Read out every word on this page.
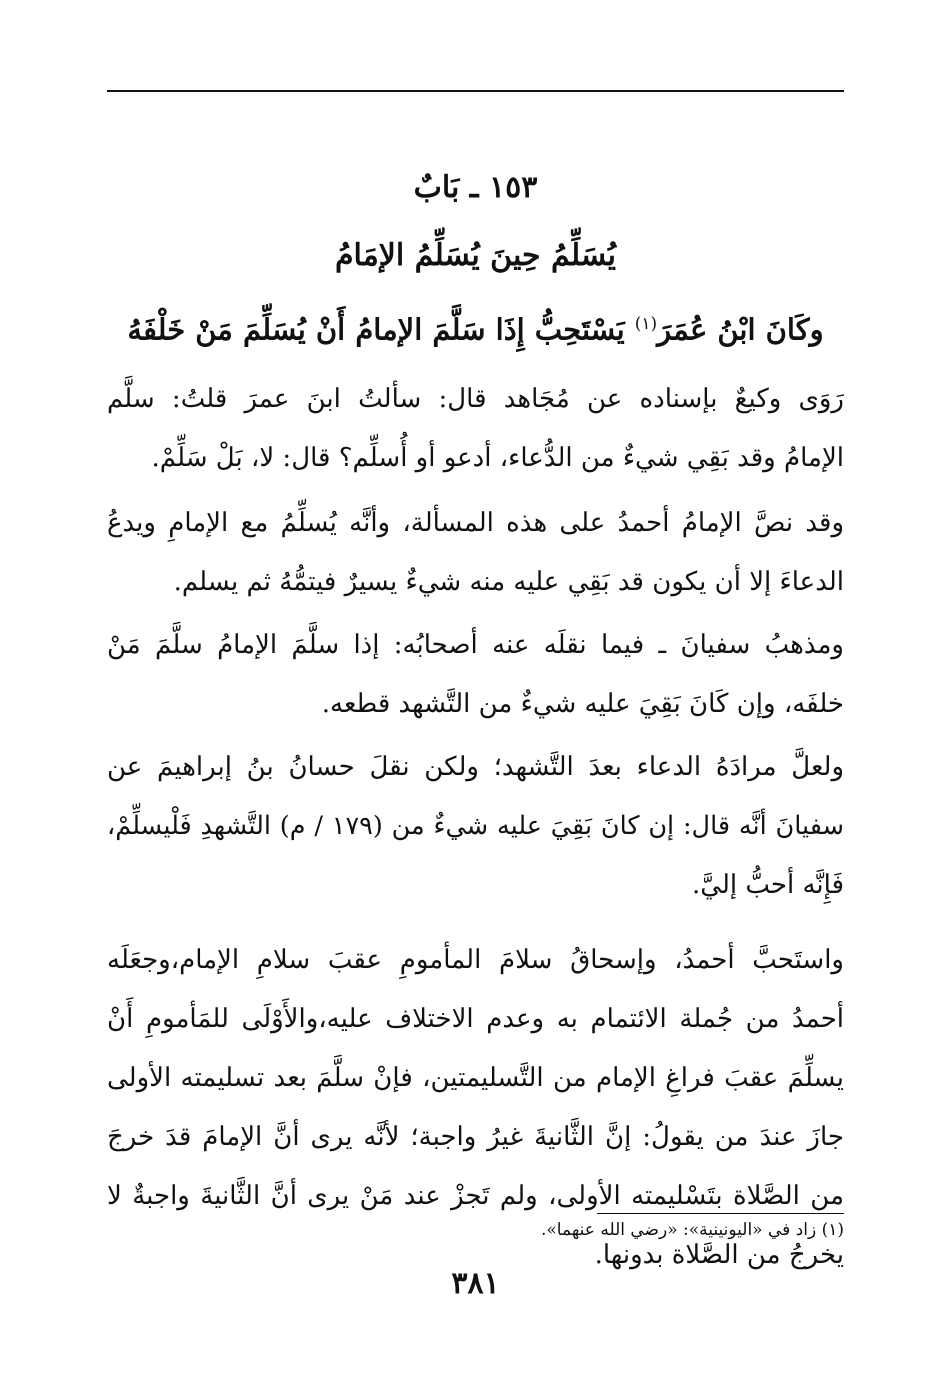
١٥٣ ـ بَابٌ
يُسَلِّمُ حِينَ يُسَلِّمُ الإمَامُ
وكَانَ ابْنُ عُمَرَ$^{(١)}$ يَسْتَحِبُّ إِذَا سَلَّمَ الإمامُ أَنْ يُسَلِّمَ مَنْ خَلْفَهُ
رَوَى وكيعٌ بإسناده عن مُجَاهد قال: سألتُ ابنَ عمرَ قلتُ: سلَّم
الإمامُ وقد بَقِي شيءٌ من الدُّعاء، أدعو أو أُسلِّم؟ قال: لا، بَلْ سَلِّمْ.
وقد نصَّ الإمامُ أحمدُ على هذه المسألة، وأنَّه يُسلِّمُ مع الإمامِ ويدعُ
الدعاءَ إلا أن يكون قد بَقِي عليه منه شيءٌ يسيرٌ فيتمُّهُ ثم يسلم.
ومذهبُ سفيانَ ـ فيما نقلَه عنه أصحابُه: إذا سلَّمَ الإمامُ سلَّمَ مَنْ
خلفَه، وإن كَانَ بَقِيَ عليه شيءٌ من التَّشهد قطعه.
ولعلَّ مرادَهُ الدعاء بعدَ التَّشهد؛ ولكن نقلَ حسانُ بنُ إبراهيمَ عن
سفيانَ أنَّه قال: إن كانَ بَقِيَ عليه شيءٌ من (١٧٩ / م) التَّشهدِ فَلْيسلِّمْ،
فَإِنَّه أحبُّ إليَّ.
واستَحبَّ أحمدُ، وإسحاقُ سلامَ المأمومِ عقبَ سلامِ الإمام،وجعَلَه
أحمدُ من جُملة الائتمام به وعدم الاختلاف عليه،والأَوْلَى للمَأمومِ أَنْ
يسلِّمَ عقبَ فراغِ الإمام من التَّسليمتين، فإنْ سلَّمَ بعد تسليمته الأولى
جازَ عندَ من يقولُ: إنَّ الثَّانيةَ غيرُ واجبة؛ لأنَّه يرى أنَّ الإمامَ قدَ خرجَ
من الصَّلاة بتَسْليمته الأولى، ولم تَجزْ عند مَنْ يرى أنَّ الثَّانيةَ واجبةٌ لا
يخرجُ من الصَّلاة بدونها.
(١) زاد في «اليونينية»: «رضي الله عنهما».
٣٨١
